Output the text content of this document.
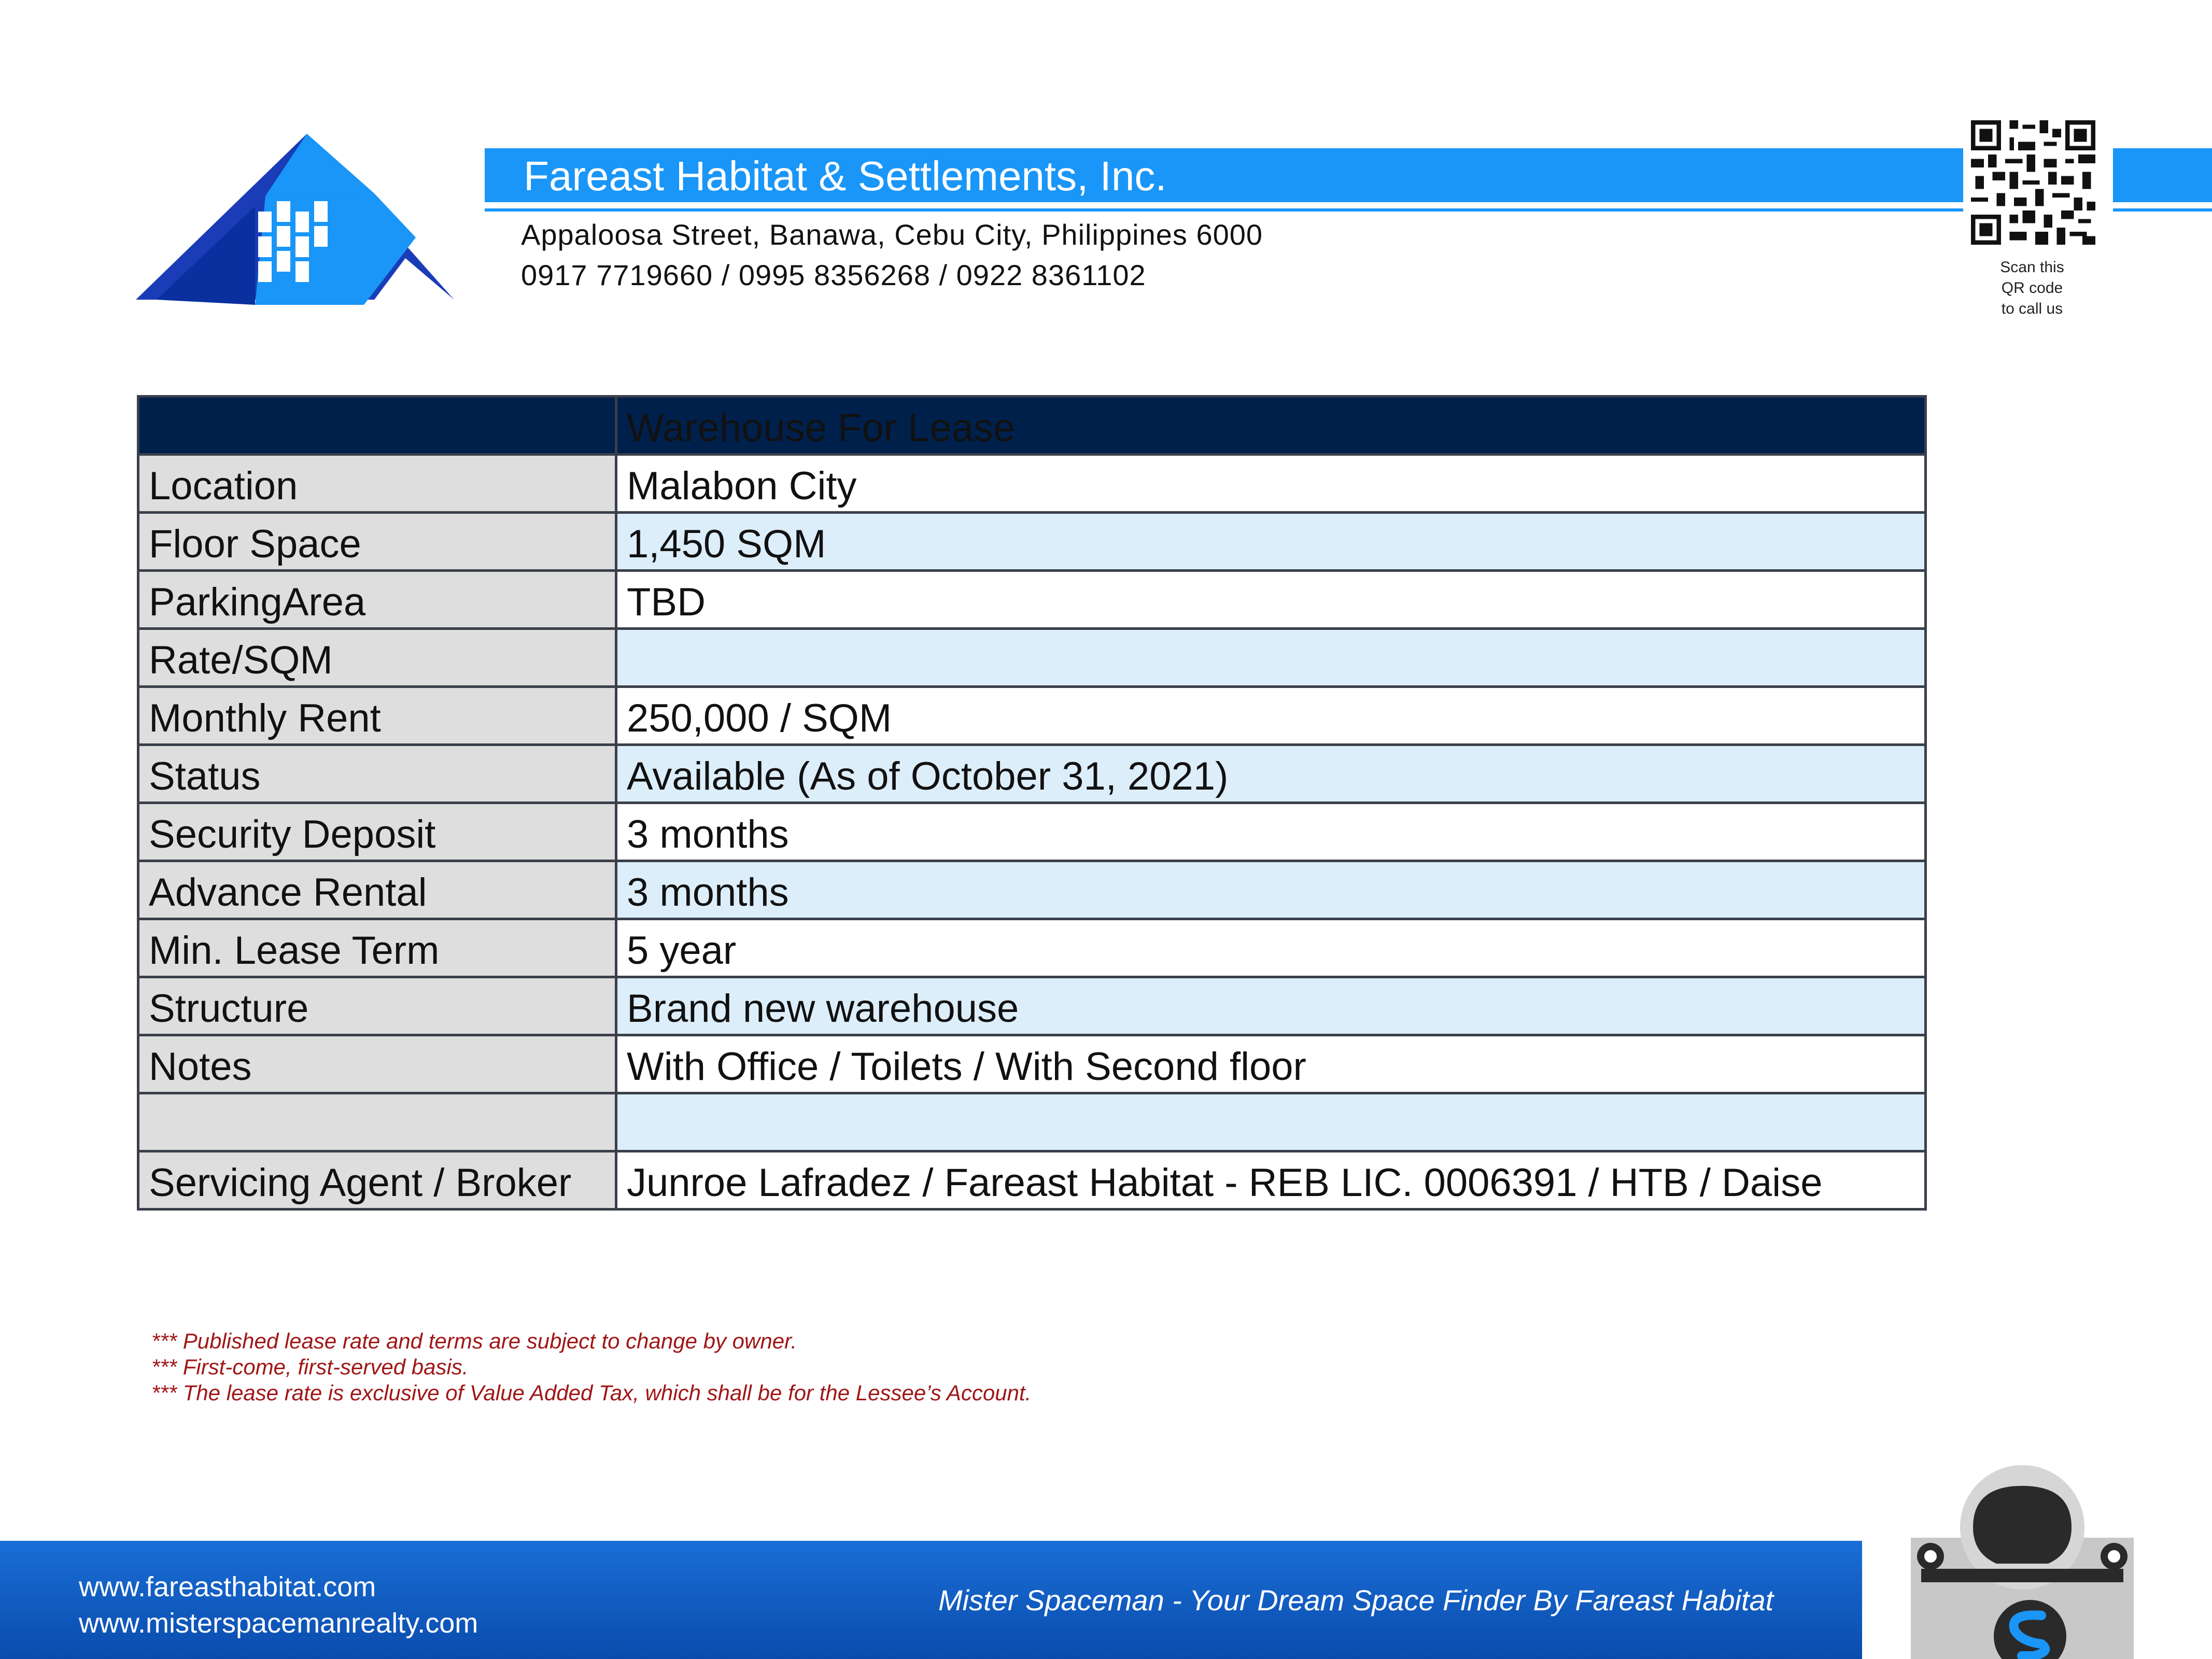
Fareast Habitat & Settlements, Inc.
Appaloosa Street, Banawa, Cebu City, Philippines 6000
0917 7719660 / 0995 8356268 / 0922 8361102	Scan this
QR code
to call us
	Warehouse For Lease
Location	Malabon City
Floor Space	1,450 SQM
ParkingArea	TBD
Rate/SQM	
Monthly Rent	250,000 / SQM
Status	Available (As of October 31, 2021)
Security Deposit	3 months
Advance Rental	3 months
Min. Lease Term	5 year
Structure	Brand new warehouse
Notes	With Office / Toilets / With Second floor

Servicing Agent / Broker	Junroe Lafradez / Fareast Habitat - REB LIC. 0006391 / HTB / Daise
*** Published lease rate and terms are subject to change by owner.
*** First-come, first-served basis.
*** The lease rate is exclusive of Value Added Tax, which shall be for the Lessee’s Account.
www.fareasthabitat.com
www.misterspacemanrealty.com
Mister Spaceman - Your Dream Space Finder By Fareast Habitat
